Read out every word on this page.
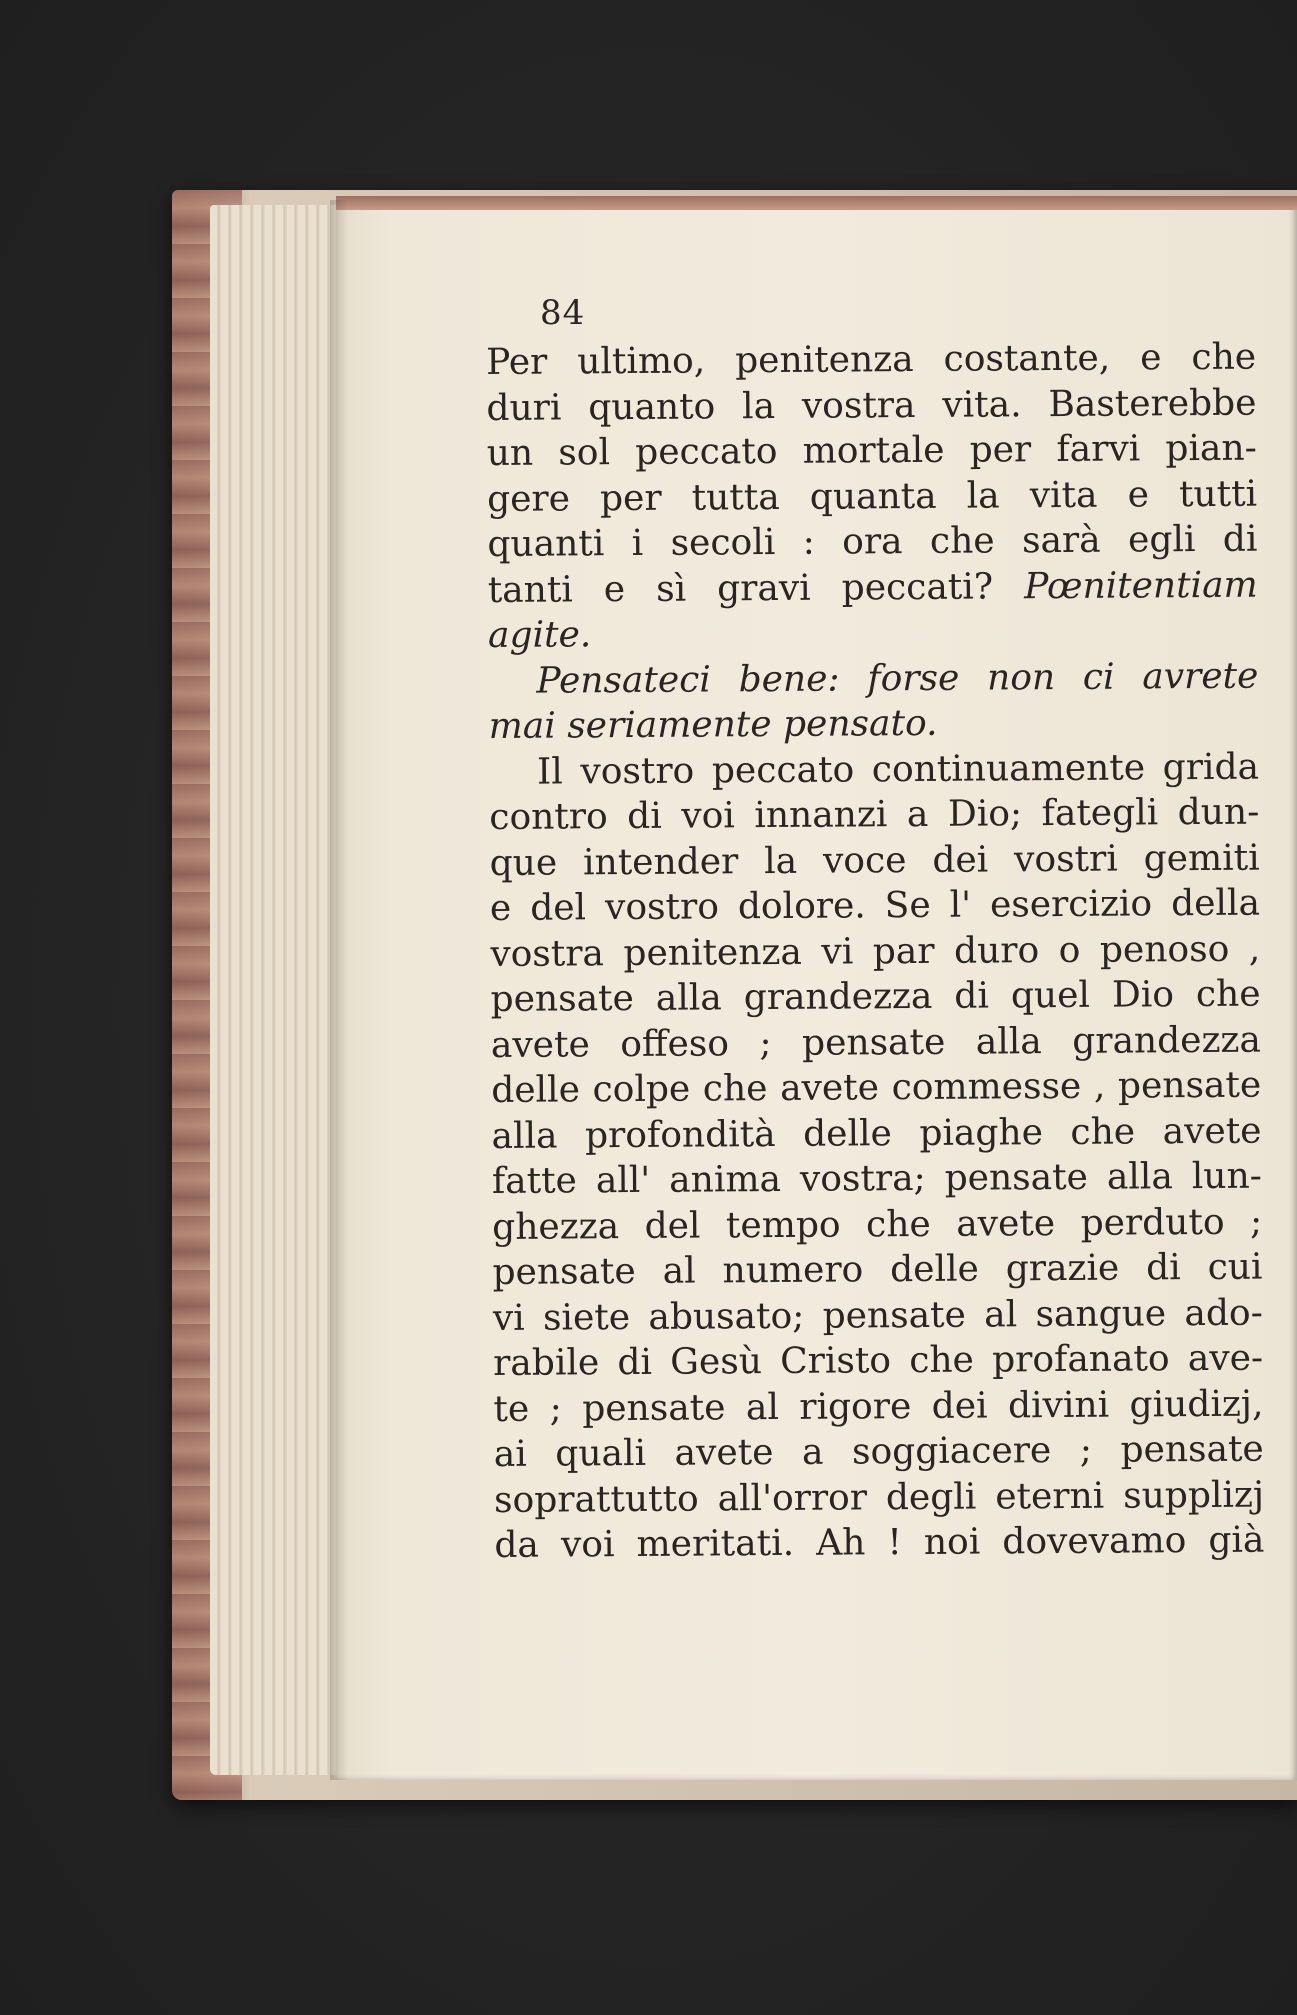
84
Per ultimo, penitenza costante, e che
duri quanto la vostra vita. Basterebbe
un sol peccato mortale per farvi pian-
gere per tutta quanta la vita e tutti
quanti i secoli : ora che sarà egli di
tanti e sì gravi peccati? Pœnitentiam
agite.
Pensateci bene: forse non ci avrete
mai seriamente pensato.
Il vostro peccato continuamente grida
contro di voi innanzi a Dio; fategli dun-
que intender la voce dei vostri gemiti
e del vostro dolore. Se l' esercizio della
vostra penitenza vi par duro o penoso ,
pensate alla grandezza di quel Dio che
avete offeso ; pensate alla grandezza
delle colpe che avete commesse , pensate
alla profondità delle piaghe che avete
fatte all' anima vostra; pensate alla lun-
ghezza del tempo che avete perduto ;
pensate al numero delle grazie di cui
vi siete abusato; pensate al sangue ado-
rabile di Gesù Cristo che profanato ave-
te ; pensate al rigore dei divini giudizj,
ai quali avete a soggiacere ; pensate
soprattutto all'orror degli eterni supplizj
da voi meritati. Ah ! noi dovevamo già
